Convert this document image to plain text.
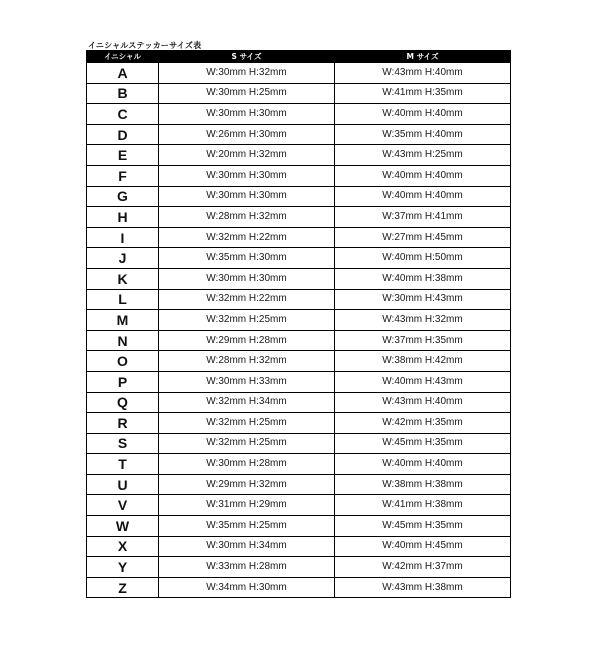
イニシャルステッカーサイズ表
イニシャル	S サイズ	M サイズ
A	W:30mm H:32mm	W:43mm H:40mm
B	W:30mm H:25mm	W:41mm H:35mm
C	W:30mm H:30mm	W:40mm H:40mm
D	W:26mm H:30mm	W:35mm H:40mm
E	W:20mm H:32mm	W:43mm H:25mm
F	W:30mm H:30mm	W:40mm H:40mm
G	W:30mm H:30mm	W:40mm H:40mm
H	W:28mm H:32mm	W:37mm H:41mm
I	W:32mm H:22mm	W:27mm H:45mm
J	W:35mm H:30mm	W:40mm H:50mm
K	W:30mm H:30mm	W:40mm H:38mm
L	W:32mm H:22mm	W:30mm H:43mm
M	W:32mm H:25mm	W:43mm H:32mm
N	W:29mm H:28mm	W:37mm H:35mm
O	W:28mm H:32mm	W:38mm H:42mm
P	W:30mm H:33mm	W:40mm H:43mm
Q	W:32mm H:34mm	W:43mm H:40mm
R	W:32mm H:25mm	W:42mm H:35mm
S	W:32mm H:25mm	W:45mm H:35mm
T	W:30mm H:28mm	W:40mm H:40mm
U	W:29mm H:32mm	W:38mm H:38mm
V	W:31mm H:29mm	W:41mm H:38mm
W	W:35mm H:25mm	W:45mm H:35mm
X	W:30mm H:34mm	W:40mm H:45mm
Y	W:33mm H:28mm	W:42mm H:37mm
Z	W:34mm H:30mm	W:43mm H:38mm
